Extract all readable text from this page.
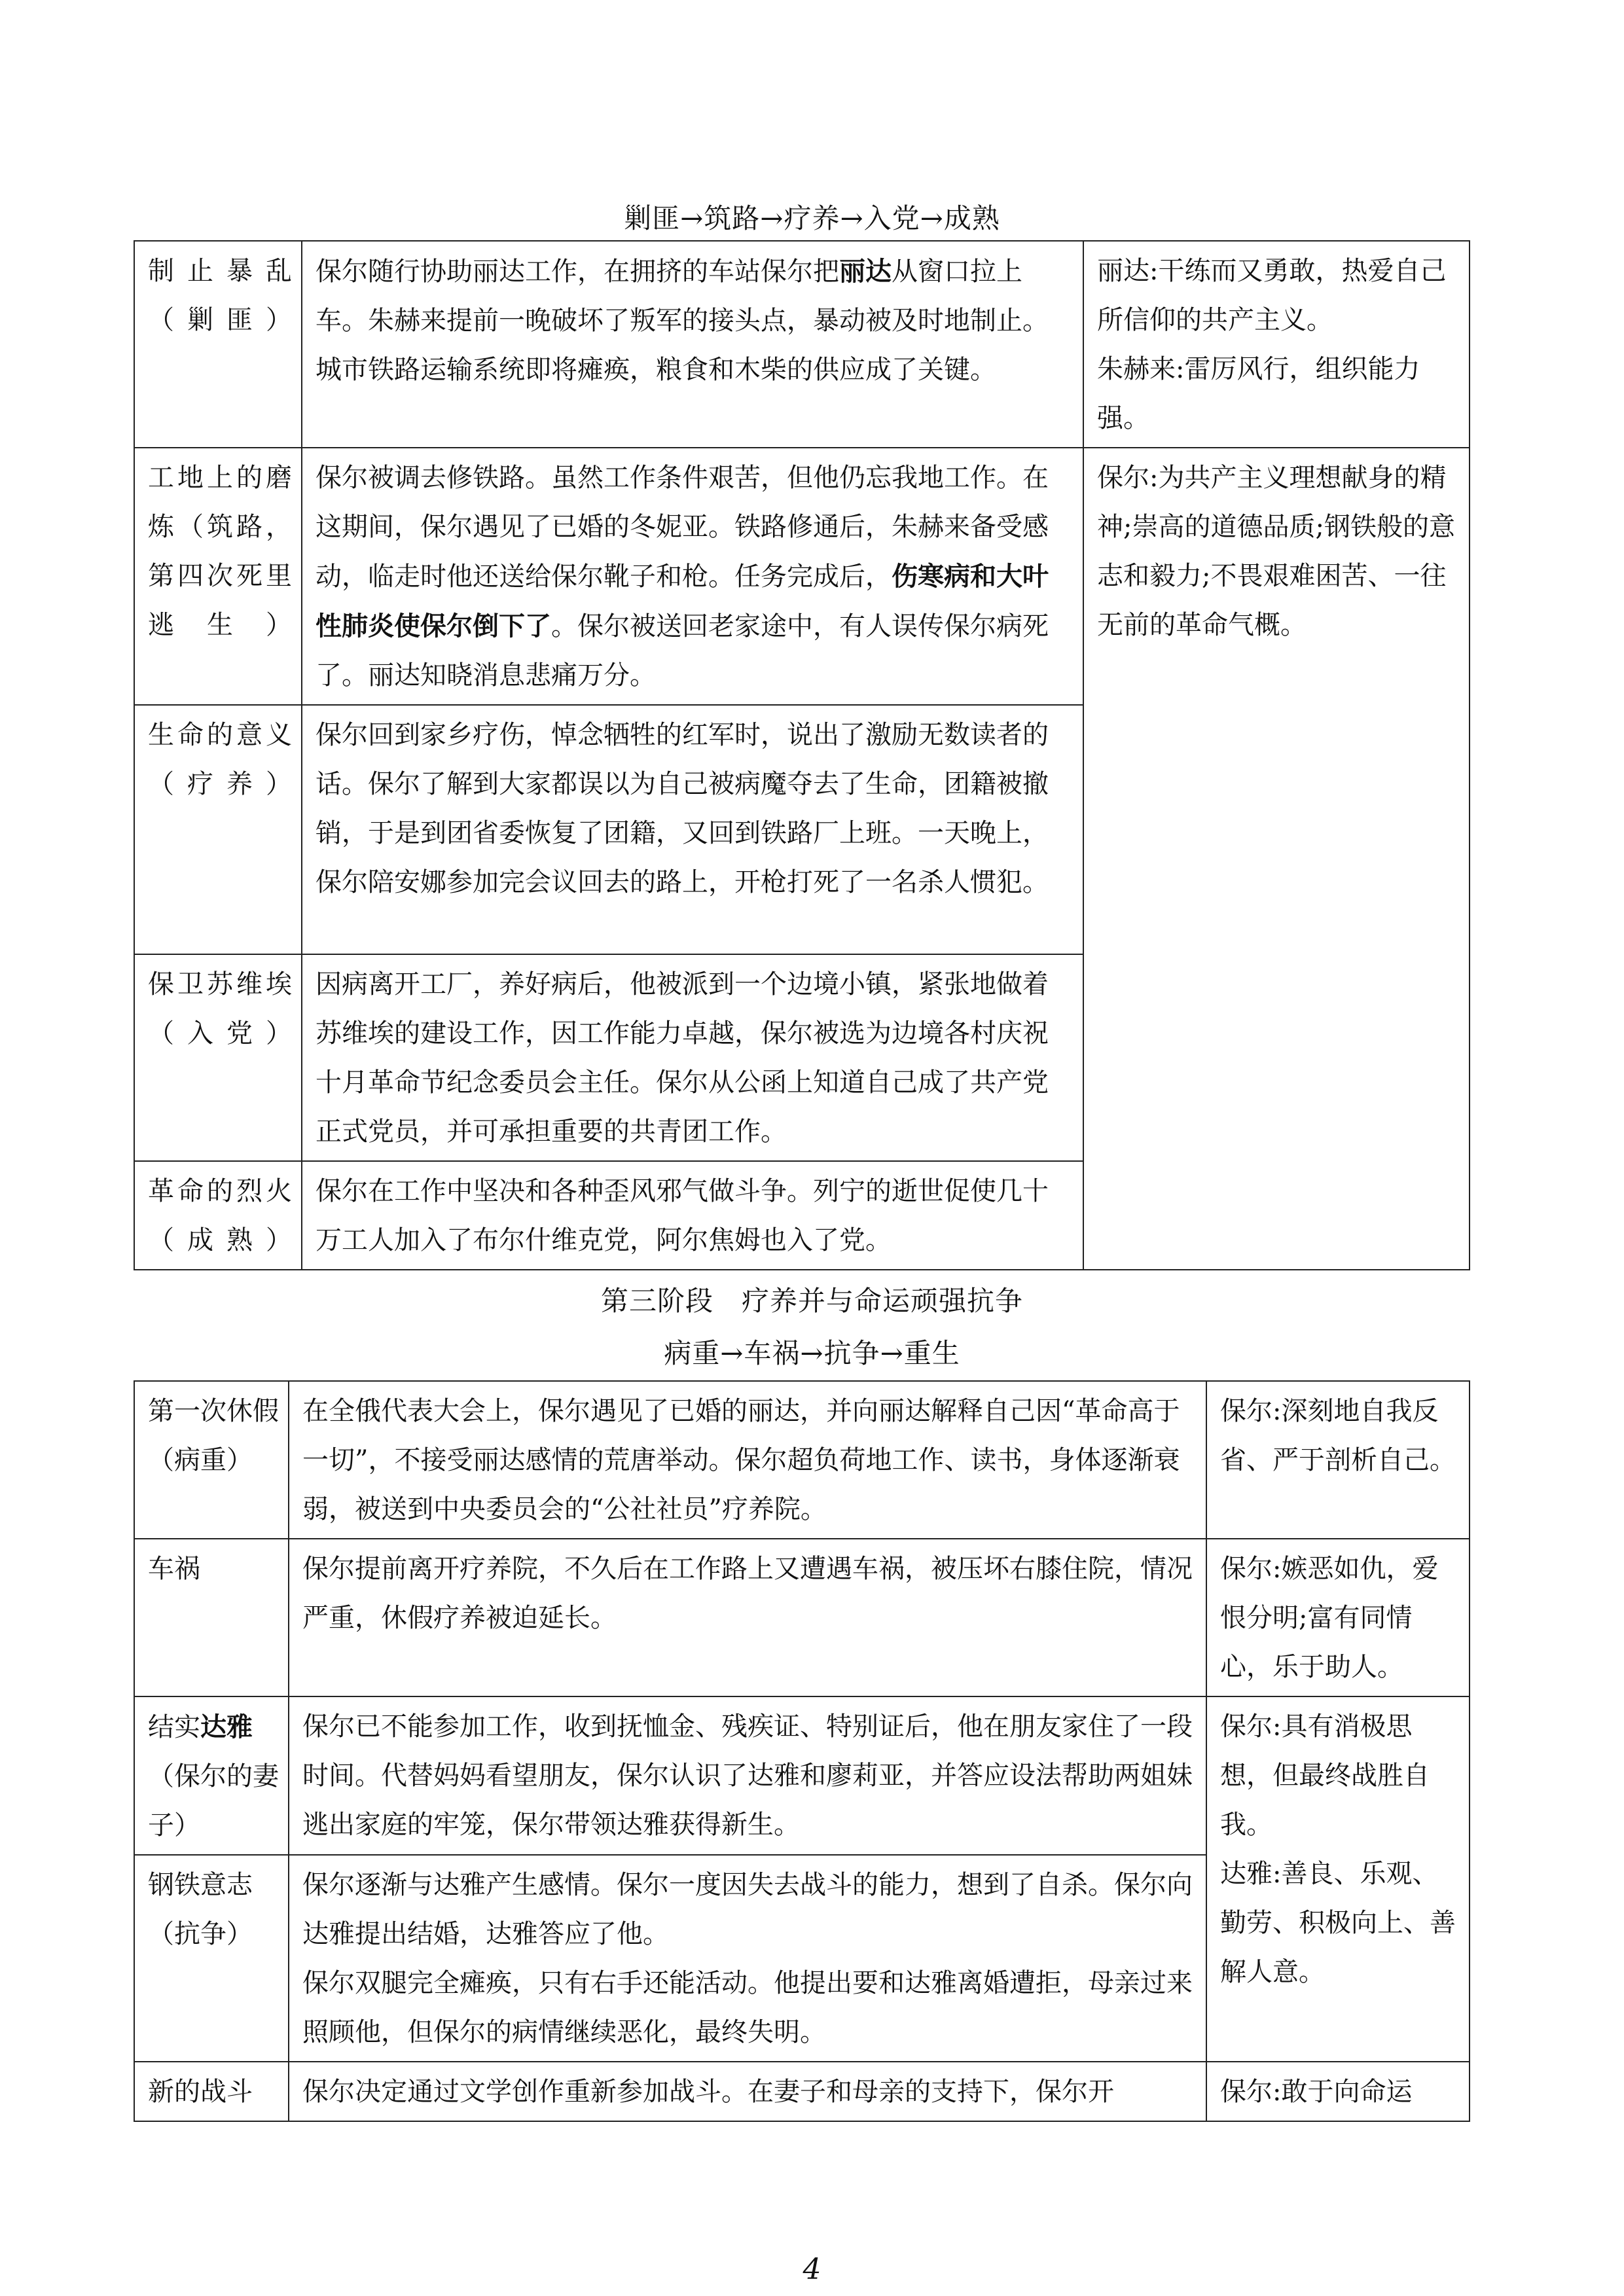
剿匪→筑路→疗养→入党→成熟
制止暴乱（剿匪）	保尔随行协助丽达工作，在拥挤的车站保尔把丽达从窗口拉上车。朱赫来提前一晚破坏了叛军的接头点，暴动被及时地制止。城市铁路运输系统即将瘫痪，粮食和木柴的供应成了关键。	丽达:干练而又勇敢，热爱自己所信仰的共产主义。
朱赫来:雷厉风行，组织能力强。
工地上的磨炼（筑路，第四次死里逃生）	保尔被调去修铁路。虽然工作条件艰苦，但他仍忘我地工作。在这期间，保尔遇见了已婚的冬妮亚。铁路修通后，朱赫来备受感动，临走时他还送给保尔靴子和枪。任务完成后，伤寒病和大叶性肺炎使保尔倒下了。保尔被送回老家途中，有人误传保尔病死了。丽达知晓消息悲痛万分。	保尔:为共产主义理想献身的精神;崇高的道德品质;钢铁般的意志和毅力;不畏艰难困苦、一往无前的革命气概。
生命的意义（疗养）	保尔回到家乡疗伤，悼念牺牲的红军时，说出了激励无数读者的话。保尔了解到大家都误以为自己被病魔夺去了生命，团籍被撤销，于是到团省委恢复了团籍，又回到铁路厂上班。一天晚上，保尔陪安娜参加完会议回去的路上，开枪打死了一名杀人惯犯。	
保卫苏维埃（入党）	因病离开工厂，养好病后，他被派到一个边境小镇，紧张地做着苏维埃的建设工作，因工作能力卓越，保尔被选为边境各村庆祝十月革命节纪念委员会主任。保尔从公函上知道自己成了共产党正式党员，并可承担重要的共青团工作。	
革命的烈火（成熟）	保尔在工作中坚决和各种歪风邪气做斗争。列宁的逝世促使几十万工人加入了布尔什维克党，阿尔焦姆也入了党。	
第三阶段　疗养并与命运顽强抗争
病重→车祸→抗争→重生
第一次休假（病重）	在全俄代表大会上，保尔遇见了已婚的丽达，并向丽达解释自己因“革命高于一切”，不接受丽达感情的荒唐举动。保尔超负荷地工作、读书，身体逐渐衰弱，被送到中央委员会的“公社社员”疗养院。	保尔:深刻地自我反省、严于剖析自己。
车祸	保尔提前离开疗养院，不久后在工作路上又遭遇车祸，被压坏右膝住院，情况严重，休假疗养被迫延长。	保尔:嫉恶如仇，爱恨分明;富有同情心，乐于助人。
结实达雅（保尔的妻子）	保尔已不能参加工作，收到抚恤金、残疾证、特别证后，他在朋友家住了一段时间。代替妈妈看望朋友，保尔认识了达雅和廖莉亚，并答应设法帮助两姐妹逃出家庭的牢笼，保尔带领达雅获得新生。	保尔:具有消极思想，但最终战胜自我。
达雅:善良、乐观、勤劳、积极向上、善解人意。
钢铁意志（抗争）	保尔逐渐与达雅产生感情。保尔一度因失去战斗的能力，想到了自杀。保尔向达雅提出结婚，达雅答应了他。

保尔双腿完全瘫痪，只有右手还能活动。他提出要和达雅离婚遭拒，母亲过来照顾他，但保尔的病情继续恶化，最终失明。	

新的战斗	保尔决定通过文学创作重新参加战斗。在妻子和母亲的支持下，保尔开	保尔:敢于向命运
4
